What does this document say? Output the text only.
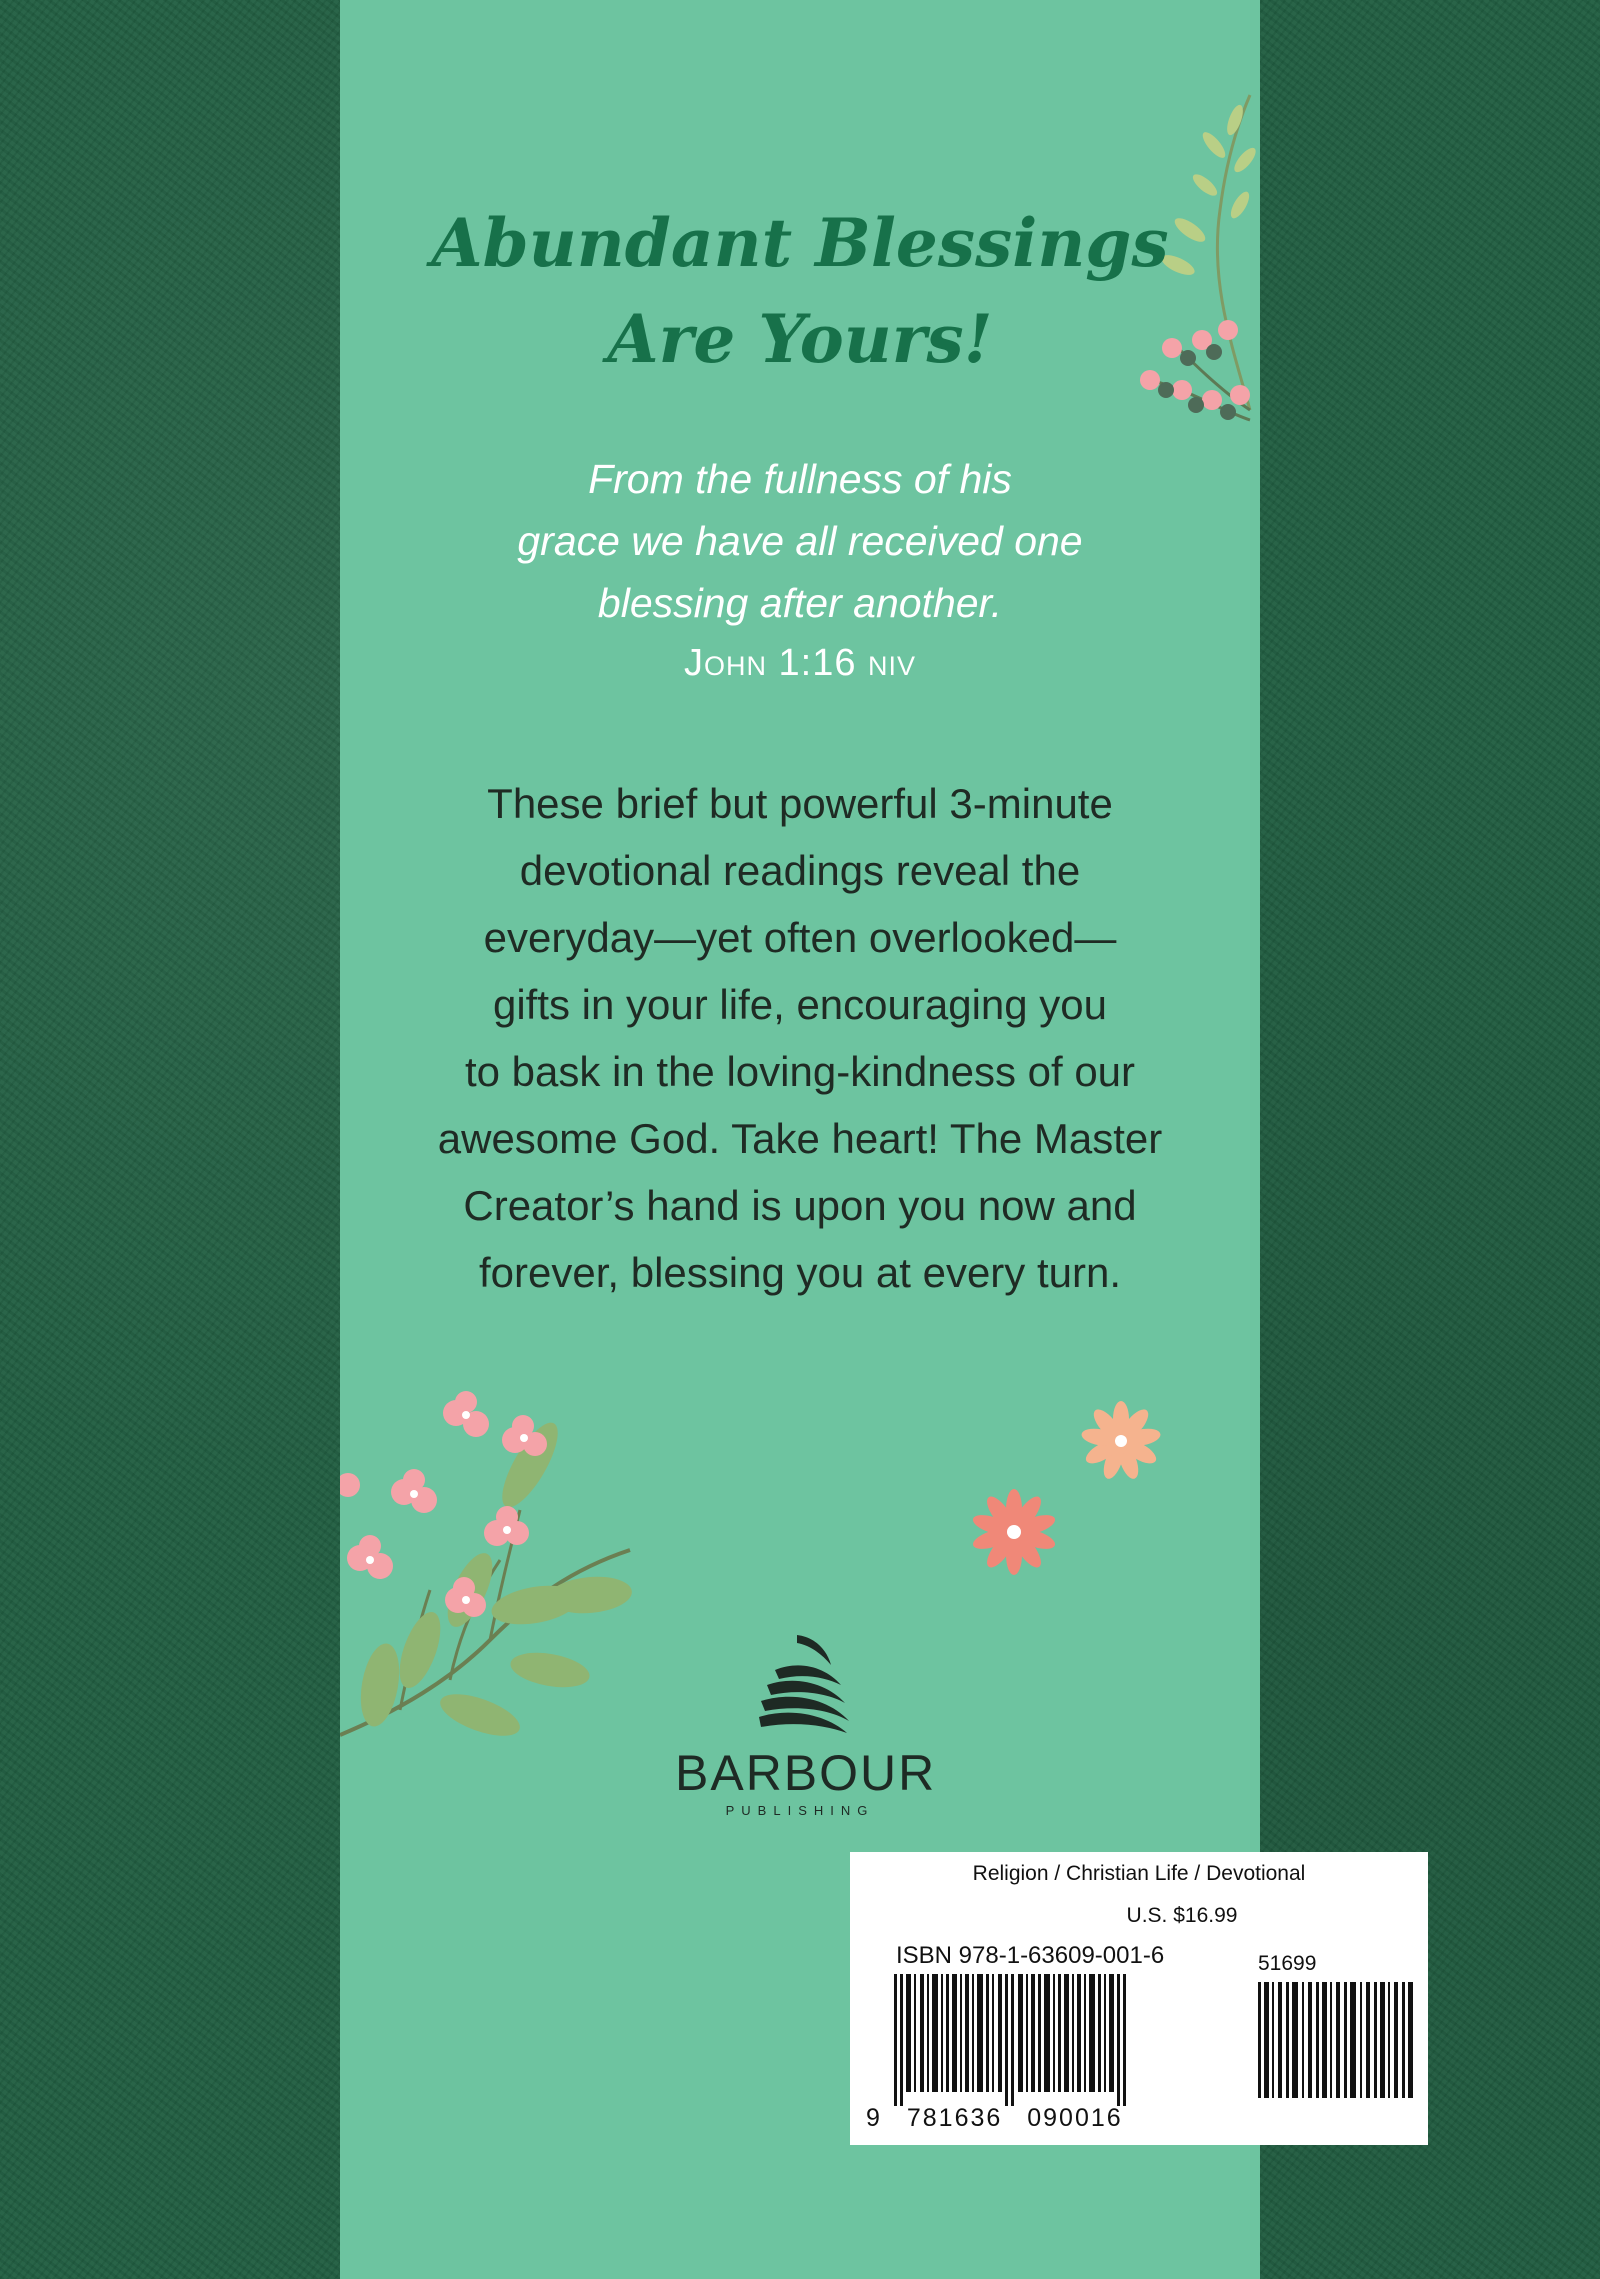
Abundant Blessings
Are Yours!
From the fullness of his
grace we have all received one
blessing after another.
John 1:16 niv
These brief but powerful 3-minute
devotional readings reveal the
everyday—yet often overlooked—
gifts in your life, encouraging you
to bask in the loving-kindness of our
awesome God. Take heart! The Master
Creator’s hand is upon you now and
forever, blessing you at every turn.
BARBOUR
PUBLISHING
Religion / Christian Life / Devotional
U.S. $16.99
ISBN 978-1-63609-001-6	51699
9 781636 090016
